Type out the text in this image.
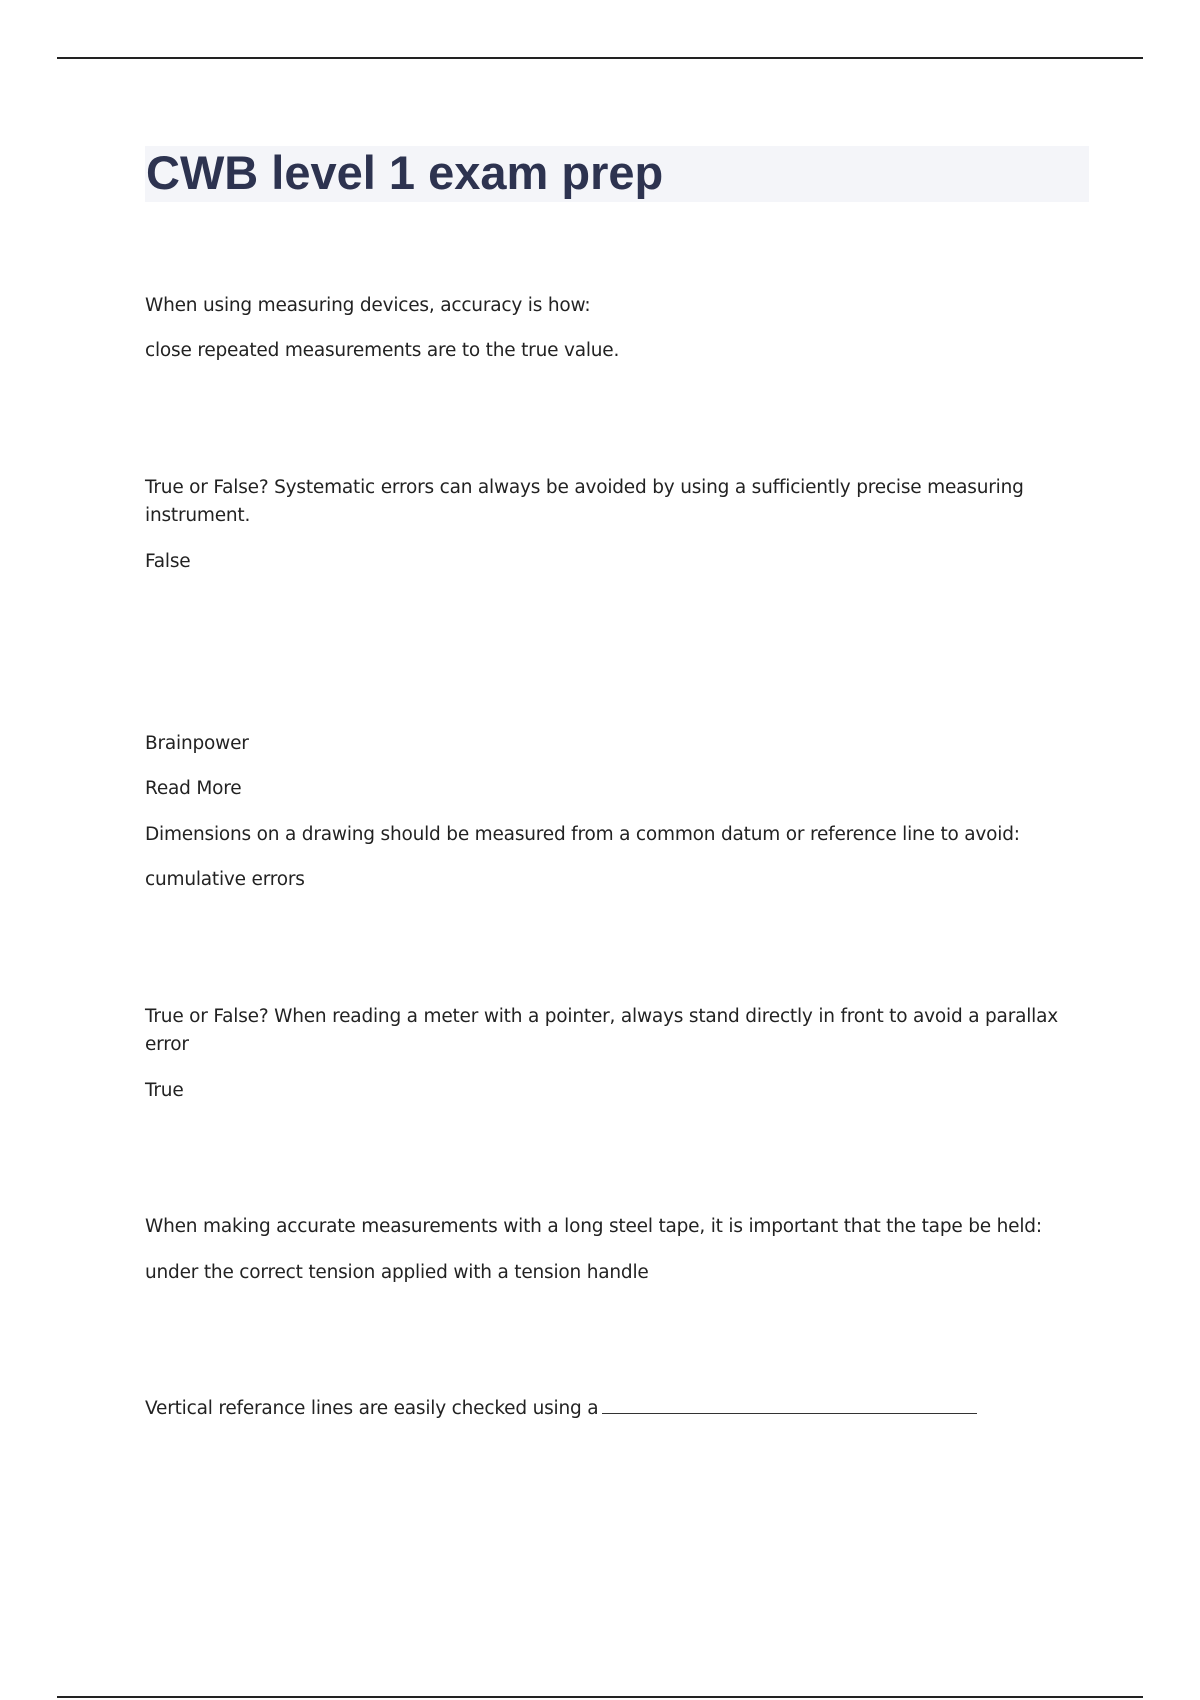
CWB level 1 exam prep

When using measuring devices, accuracy is how:

close repeated measurements are to the true value.

True or False? Systematic errors can always be avoided by using a sufficiently precise measuring instrument.

False

Brainpower

Read More

Dimensions on a drawing should be measured from a common datum or reference line to avoid:

cumulative errors

True or False? When reading a meter with a pointer, always stand directly in front to avoid a parallax error

True

When making accurate measurements with a long steel tape, it is important that the tape be held:

under the correct tension applied with a tension handle

Vertical referance lines are easily checked using a
